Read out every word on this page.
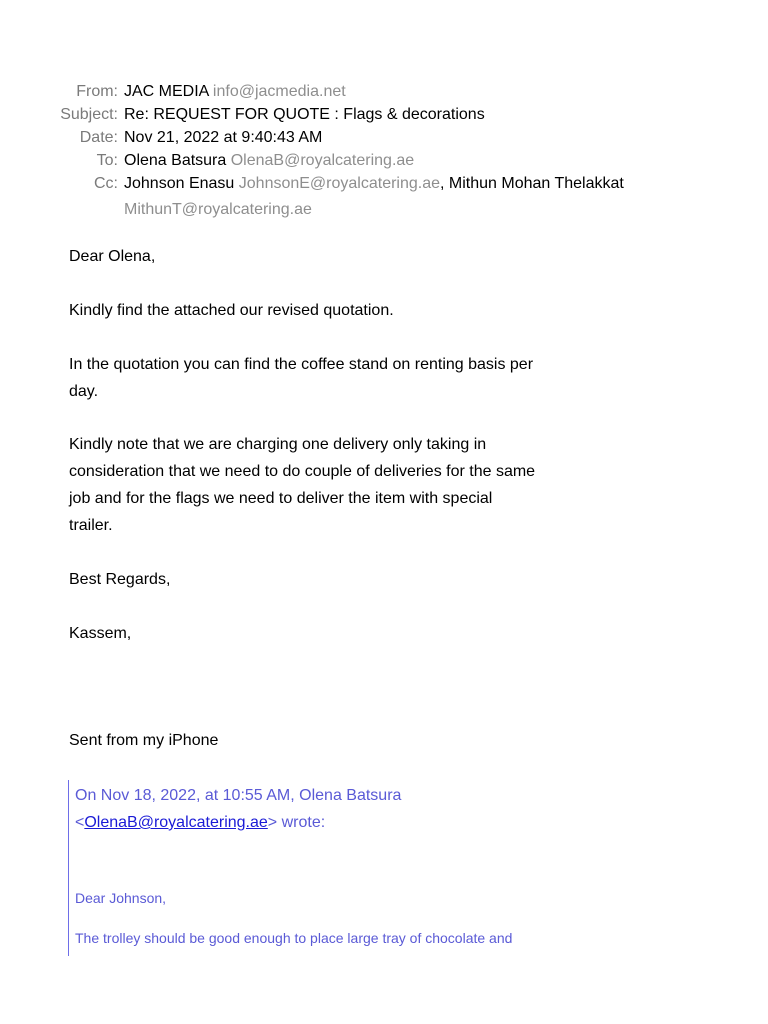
From: JAC MEDIA info@jacmedia.net
Subject: Re: REQUEST FOR QUOTE : Flags & decorations
Date: Nov 21, 2022 at 9:40:43 AM
To: Olena Batsura OlenaB@royalcatering.ae
Cc: Johnson Enasu JohnsonE@royalcatering.ae, Mithun Mohan Thelakkat
MithunT@royalcatering.ae

Dear Olena,

Kindly find the attached our revised quotation.

In the quotation you can find the coffee stand on renting basis per

day.

Kindly note that we are charging one delivery only taking in

consideration that we need to do couple of deliveries for the same

job and for the flags we need to deliver the item with special

trailer.

Best Regards,

Kassem,

Sent from my iPhone

On Nov 18, 2022, at 10:55 AM, Olena Batsura
<OlenaB@royalcatering.ae> wrote:
Dear Johnson,
The trolley should be good enough to place large tray of chocolate and
